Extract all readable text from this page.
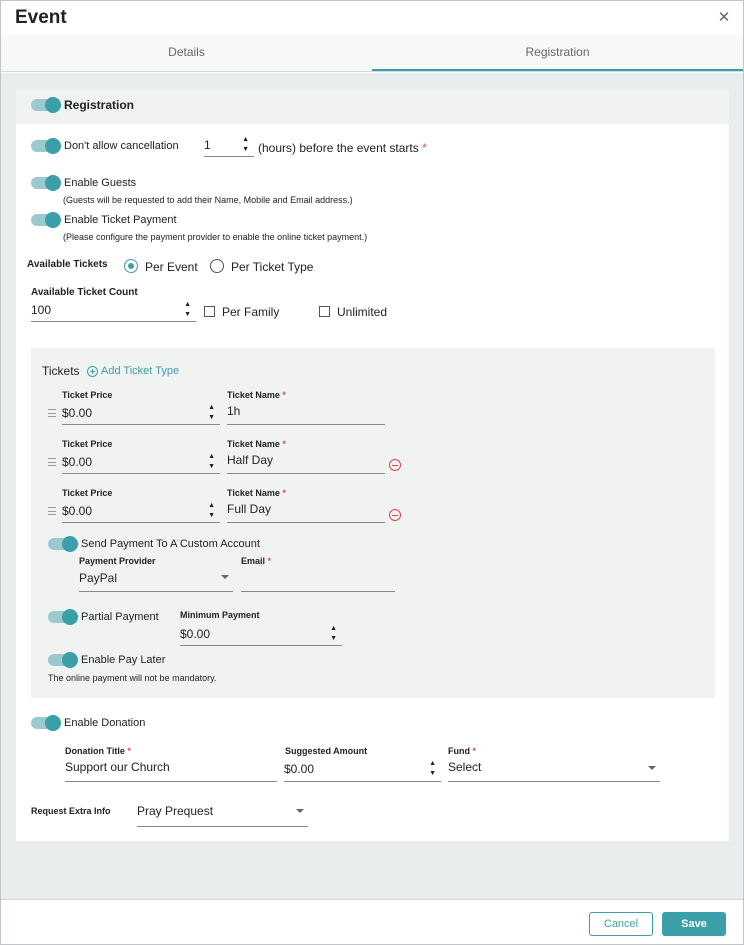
Event	✕
Details	Registration
Registration
Don't allow cancellation 1	▲
▼ (hours) before the event starts *
Enable Guests
(Guests will be requested to add their Name, Mobile and Email address.)
Enable Ticket Payment
(Please configure the payment provider to enable the online ticket payment.)
Available Tickets	Per Event	Per Ticket Type
Available Ticket Count
100	▲
▼	Per Family	Unlimited
Tickets Add Ticket Type
Ticket Price
$0.00	▲
▼
Ticket Name *
1h
Ticket Price
$0.00	▲
▼
Ticket Name *
Half Day
Ticket Price
$0.00	▲
▼
Ticket Name *
Full Day
Send Payment To A Custom Account
Payment Provider
PayPal
Email *
Partial Payment Minimum Payment
$0.00	▲
▼
Enable Pay Later
The online payment will not be mandatory.
Enable Donation
Donation Title *
Support our Church
Suggested Amount
$0.00	▲
▼
Fund *
Select
Request Extra Info Pray Prequest
Cancel	Save
